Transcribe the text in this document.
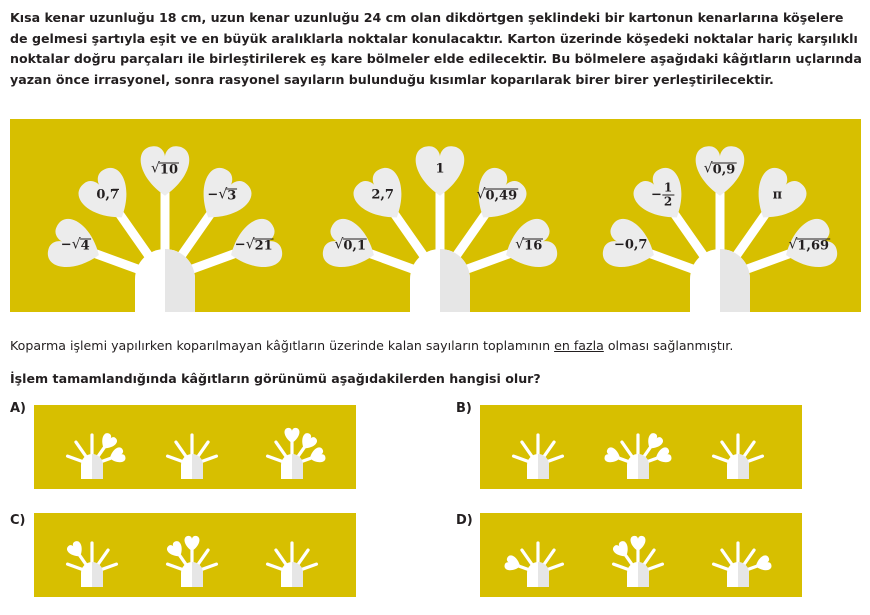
Kısa kenar uzunluğu 18 cm, uzun kenar uzunluğu 24 cm olan dikdörtgen şeklindeki bir kartonun kenarlarına köşelere de gelmesi şartıyla eşit ve en büyük aralıklarla noktalar konulacaktır. Karton üzerinde köşedeki noktalar hariç karşılıklı noktalar doğru parçaları ile birleştirilerek eş kare bölmeler elde edilecektir. Bu bölmelere aşağıdaki kâğıtların uçlarında yazan önce irrasyonel, sonra rasyonel sayıların bulunduğu kısımlar koparılarak birer birer yerleştirilecektir.
− √ 4
0,7̅
√ 10
− √ 3
− √ 21	√ 0,1
2,7
1
√ 0,49
√ 16	−0,7
− $\frac{1}{2}$
√ 0,9
π
√ 1,69
Koparma işlemi yapılırken koparılmayan kâğıtların üzerinde kalan sayıların toplamının en fazla olması sağlanmıştır.
İşlem tamamlandığında kâğıtların görünümü aşağıdakilerden hangisi olur?
A)	B)
C)	D)
